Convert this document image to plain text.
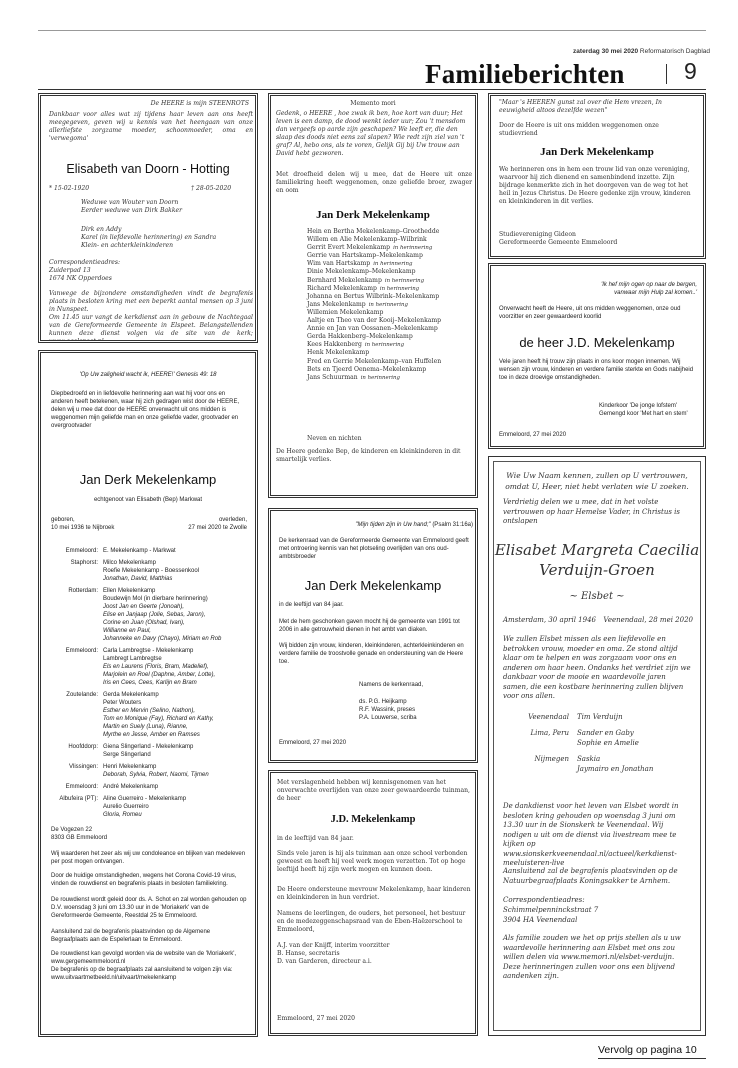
zaterdag 30 mei 2020 Reformatorisch Dagblad
Familieberichten	9
De HEERE is mijn STEENROTS
Dankbaar voor alles wat zij tijdens haar leven aan ons heeft meegegeven, geven wij u kennis van het heengaan van onze allerliefste zorgzame moeder, schoonmoeder, oma en 'verwegoma'
Elisabeth van Doorn - Hotting
* 15-02-1920	† 28-05-2020
Weduwe van Wouter van Doorn
Eerder weduwe van Dirk Bakker
Dirk en Addy
Karel (in liefdevolle herinnering) en Sandra
Klein- en achterkleinkinderen
Correspondentieadres:
Zuiderpad 13
1674 NK Opperdoes
Vanwege de bijzondere omstandigheden vindt de begrafenis plaats in besloten kring met een beperkt aantal mensen op 3 juni in Nunspeet.
Om 11.45 uur vangt de kerkdienst aan in gebouw de Nachtegaal van de Gereformeerde Gemeente in Elspeet. Belangstellenden kunnen deze dienst volgen via de site van de kerk; www.ggelspeet.nl
Memento mori
Gedenk, o HEERE , hoe zwak ik ben, hoe kort van duur; Het leven is een damp, de dood wenkt ieder uur; Zou 't mensdom dan vergeefs op aarde zijn geschapen? We leeft er, die den slaap des doods niet eens zal slapen? Wie redt zijn ziel van 't graf? Al, hebo ons, als te voren, Gelijk Gij bij Uw trouw aan David hebt gezworen.
Met droefheid delen wij u mee, dat de Heere uit onze familiekring heeft weggenomen, onze geliefde broer, zwager en oom
Jan Derk Mekelenkamp
Hein en Bertha Mekelenkamp–Groothedde
Willem en Alie Mekelenkamp–Wilbrink
Gerrit Evert Mekelenkamp in herinnering
Gerrie van Hartskamp–Mekelenkamp
Wim van Hartskamp in herinnering
Dinie Mekelenkamp–Mekelenkamp
Bernhard Mekelenkamp in herinnering
Richard Mekelenkamp in herinnering
Johanna en Bertus Wilbrink–Mekelenkamp
Jans Mekelenkamp in herinnering
Willemien Mekelenkamp
Aaltje en Theo van der Kooij–Mekelenkamp
Annie en Jan van Oossanen–Mekelenkamp
Gerda Hakkenberg–Mekelenkamp
Kees Hakkenberg in herinnering
Henk Mekelenkamp
Fred en Gerrie Mekelenkamp–van Huffelen
Bets en Tjeerd Oenema–Mekelenkamp
Jans Schuurman in herinnering
Neven en nichten
De Heere gedenke Bep, de kinderen en kleinkinderen in dit smartelijk verlies.
"Maar 's HEEREN gunst zal over die Hem vrezen, In eeuwigheid altoos dezelfde wezen"
Door de Heere is uit ons midden weggenomen onze studievriend
Jan Derk Mekelenkamp
We herinneren ons in hem een trouw lid van onze vereniging, waarvoor hij zich dienend en samenbindend inzette. Zijn bijdrage kenmerkte zich in het doorgeven van de weg tot het heil in Jezus Christus. De Heere gedenke zijn vrouw, kinderen en kleinkinderen in dit verlies.
Studievereniging Gideon
Gereformeerde Gemeente Emmeloord
'Ik hef mijn ogen op naar de bergen,
vanwaar mijn Hulp zal komen..'
Onverwacht heeft de Heere, uit ons midden weggenomen, onze oud voorzitter en zeer gewaardeerd koorlid
de heer J.D. Mekelenkamp
Vele jaren heeft hij trouw zijn plaats in ons koor mogen innemen. Wij wensen zijn vrouw, kinderen en verdere familie sterkte en Gods nabijheid toe in deze droevige omstandigheden.
Kinderkoor 'De jonge lofstem'
Gemengd koor 'Met hart en stem'
Emmeloord, 27 mei 2020
'Op Uw zaligheid wacht ik, HEERE!' Genesis 49: 18
Diepbedroefd en in liefdevolle herinnering aan wat hij voor ons en anderen heeft betekenen, waar hij zich gedragen wist door de HEERE, delen wij u mee dat door de HEERE onverwacht uit ons midden is weggenomen mijn geliefde man en onze geliefde vader, grootvader en overgrootvader
Jan Derk Mekelenkamp
echtgenoot van Elisabeth (Bep) Markwat
geboren,
10 mei 1936 te Nijbroek
overleden,
27 mei 2020 te Zwolle
Emmeloord: E. Mekelenkamp - Markwat
Staphorst: Milco Mekelenkamp
Roefie Mekelenkamp - Boessenkool
Jonathan, David, Matthias
Rotterdam: Ellen Mekelenkamp
Boudewijn Mol (in dierbare herinnering)
Joost Jan en Geerte (Jonoah),
Elise en Janjaap (Jolie, Sebas, Jaron),
Corine en Juan (Olshad, Ivan),
Willianne en Paul,
Johanneke en Davy (Chayo), Miriam en Rob
Emmeloord: Carla Lambregtse - Mekelenkamp
Lambregt Lambregtse
Els en Laurens (Floris, Bram, Madelief),
Marjolein en Roel (Daphne, Amber, Lotte),
Iris en Cees, Cees, Karlijn en Bram
Zoutelande: Gerda Mekelenkamp
Peter Wouters
Esther en Mervin (Selino, Nathon),
Tom en Monique (Fay), Richard en Kathy,
Martin en Suely (Luna), Rianne,
Myrthe en Jesse, Amber en Ramses
Hoofddorp: Giena Slingerland - Mekelenkamp
Serge Slingerland
Vlissingen: Henri Mekelenkamp
Deborah, Sylvia, Robert, Naomi, Tijmen
Emmeloord: André Mekelenkamp
Albufeira (PT): Aline Guerreiro - Mekelenkamp
Aurelio Guerreiro
Gloria, Romeu
De Vogezen 22
8303 GB Emmeloord
Wij waarderen het zeer als wij uw condoleance en blijken van medeleven per post mogen ontvangen.
Door de huidige omstandigheden, wegens het Corona Covid-19 virus, vinden de rouwdienst en begrafenis plaats in besloten familiekring.
De rouwdienst wordt geleid door ds. A. Schot en zal worden gehouden op D.V. woensdag 3 juni om 13.30 uur in de 'Moriakerk' van de Gereformeerde Gemeente, Reestdal 25 te Emmeloord.
Aansluitend zal de begrafenis plaatsvinden op de Algemene Begraafplaats aan de Espelerlaan te Emmeloord.
De rouwdienst kan gevolgd worden via de website van de 'Moriakerk', www.gergemeemmeloord.nl
De begrafenis op de begraafplaats zal aansluitend te volgen zijn via: www.uitvaartmetbeeld.nl/uitvaart/mekelenkamp
"Mijn tijden zijn in Uw hand;" (Psalm 31:16a)
De kerkenraad van de Gereformeerde Gemeente van Emmeloord geeft met ontroering kennis van het plotseling overlijden van ons oud-ambtsbroeder
Jan Derk Mekelenkamp
in de leeftijd van 84 jaar.
Met de hem geschonken gaven mocht hij de gemeente van 1991 tot 2006 in alle getrouwheid dienen in het ambt van diaken.
Wij bidden zijn vrouw, kinderen, kleinkinderen, achterkleinkinderen en verdere familie de troostvolle genade en ondersteuning van de Heere toe.
Namens de kerkenraad,
ds. P.G. Heijkamp
R.F. Wassink, preses
P.A. Louwerse, scriba
Emmeloord, 27 mei 2020
Met verslagenheid hebben wij kennisgenomen van het onverwachte overlijden van onze zeer gewaardeerde tuinman, de heer
J.D. Mekelenkamp
in de leeftijd van 84 jaar.
Sinds vele jaren is hij als tuinman aan onze school verbonden geweest en heeft hij veel werk mogen verzetten. Tot op hoge leeftijd heeft hij zijn werk mogen en kunnen doen.
De Heere ondersteune mevrouw Mekelenkamp, haar kinderen en kleinkinderen in hun verdriet.
Namens de leerlingen, de ouders, het personeel, het bestuur en de medezeggenschapsraad van de Eben-Haëzerschool te Emmeloord,
A.J. van der Knijff, interim voorzitter
B. Hanse, secretaris
D. van Garderen, directeur a.i.
Emmeloord, 27 mei 2020
Wie Uw Naam kennen, zullen op U vertrouwen,
omdat U, Heer, niet hebt verlaten wie U zoeken.
Verdrietig delen we u mee, dat in het volste vertrouwen op haar Hemelse Vader, in Christus is ontslapen
Elisabet Margreta Caecilia
Verduijn-Groen
~ Elsbet ~
Amsterdam, 30 april 1946	Veenendaal, 28 mei 2020
We zullen Elsbet missen als een liefdevolle en betrokken vrouw, moeder en oma. Ze stond altijd klaar om te helpen en was zorgzaam voor ons en anderen om haar heen. Ondanks het verdriet zijn we dankbaar voor de mooie en waardevolle jaren samen, die een kostbare herinnering zullen blijven voor ons allen.
Veenendaal	Tim Verduijn
Lima, Peru	Sander en Gaby
Sophie en Amelie
Nijmegen	Saskia
Jaymairo en Jonathan
De dankdienst voor het leven van Elsbet wordt in besloten kring gehouden op woensdag 3 juni om 13.30 uur in de Sionskerk te Veenendaal. Wij nodigen u uit om de dienst via livestream mee te kijken op www.sionskerkveenendaal.nl/actueel/kerkdienst-meeluisteren-live
Aansluitend zal de begrafenis plaatsvinden op de Natuurbegraafplaats Koningsakker te Arnhem.
Correspondentieadres:
Schimmelpenninckstraat 7
3904 HA Veenendaal
Als familie zouden we het op prijs stellen als u uw waardevolle herinnering aan Elsbet met ons zou willen delen via www.memori.nl/elsbet-verduijn. Deze herinneringen zullen voor ons een blijvend aandenken zijn.
Vervolg op pagina 10
